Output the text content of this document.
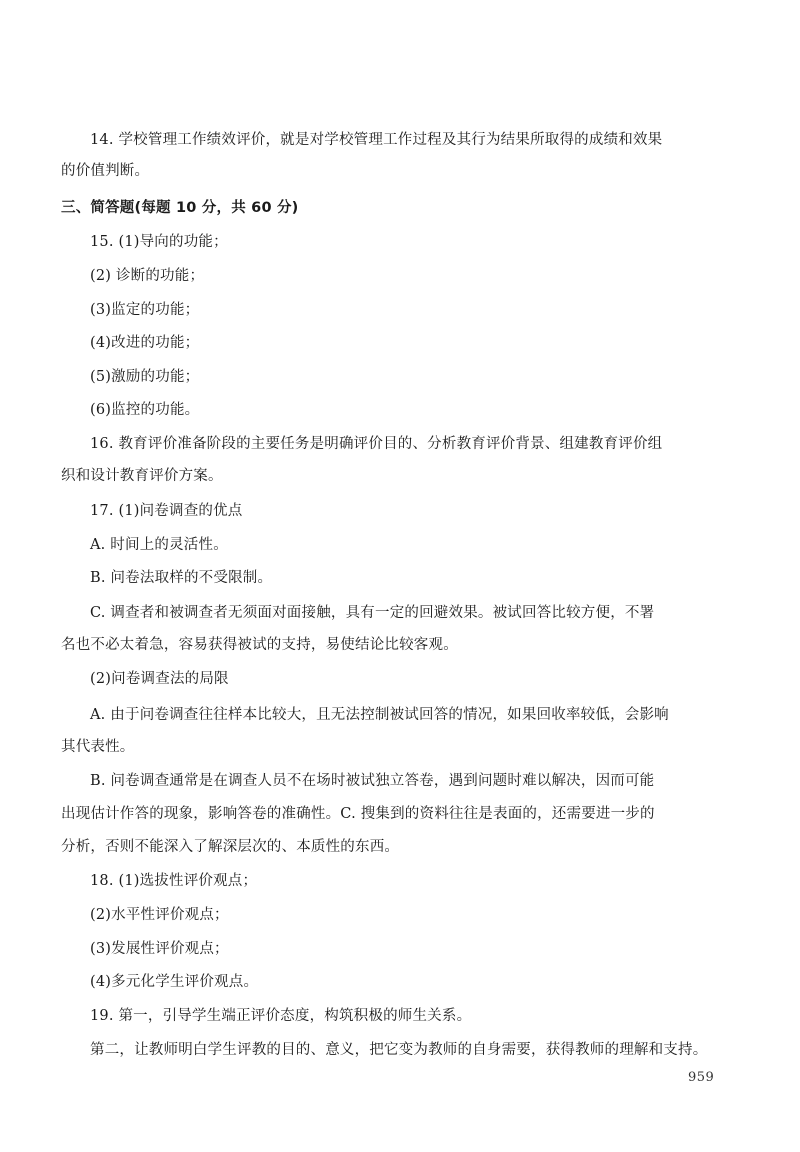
14. 学校管理工作绩效评价，就是对学校管理工作过程及其行为结果所取得的成绩和效果
的价值判断。
三、简答题(每题 10 分，共 60 分)
15. (1)导向的功能；
(2) 诊断的功能；
(3)监定的功能；
(4)改进的功能；
(5)激励的功能；
(6)监控的功能。
16. 教育评价准备阶段的主要任务是明确评价目的、分析教育评价背景、组建教育评价组
织和设计教育评价方案。
17. (1)问卷调查的优点
A. 时间上的灵活性。
B. 问卷法取样的不受限制。
C. 调查者和被调查者无须面对面接触，具有一定的回避效果。被试回答比较方便，不署
名也不必太着急，容易获得被试的支持，易使结论比较客观。
(2)问卷调查法的局限
A. 由于问卷调查往往样本比较大，且无法控制被试回答的情况，如果回收率较低，会影响
其代表性。
B. 问卷调查通常是在调查人员不在场时被试独立答卷，遇到问题时难以解决，因而可能
出现估计作答的现象，影响答卷的准确性。C. 搜集到的资料往往是表面的，还需要进一步的
分析，否则不能深入了解深层次的、本质性的东西。
18. (1)选拔性评价观点；
(2)水平性评价观点；
(3)发展性评价观点；
(4)多元化学生评价观点。
19. 第一，引导学生端正评价态度，构筑积极的师生关系。
第二，让教师明白学生评教的目的、意义，把它变为教师的自身需要，获得教师的理解和支持。
959
